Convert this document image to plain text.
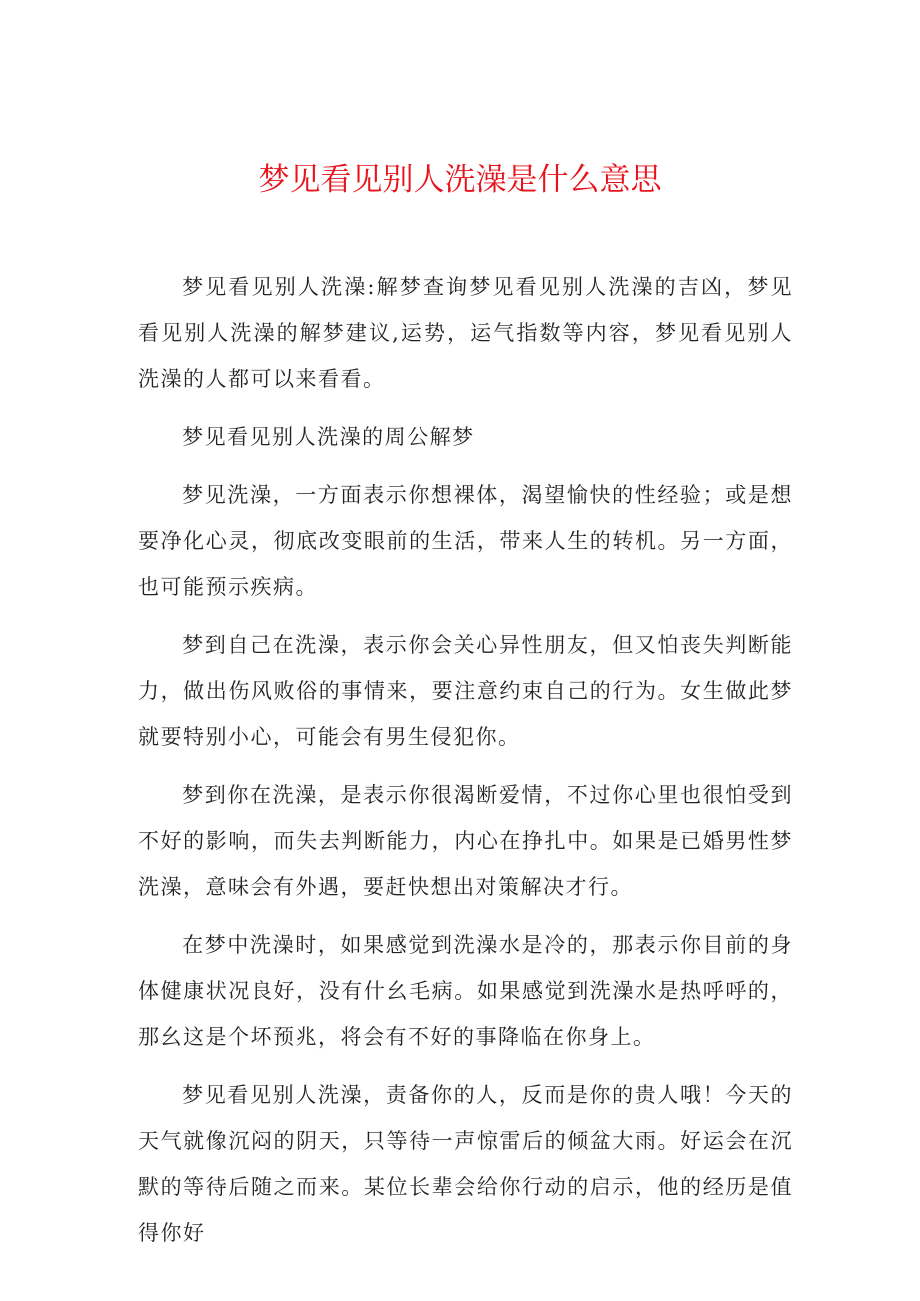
梦见看见别人洗澡是什么意思

梦见看见别人洗澡:解梦查询梦见看见别人洗澡的吉凶，梦见看见别人洗澡的解梦建议,运势，运气指数等内容，梦见看见别人洗澡的人都可以来看看。

梦见看见别人洗澡的周公解梦

梦见洗澡，一方面表示你想裸体，渴望愉快的性经验；或是想要净化心灵，彻底改变眼前的生活，带来人生的转机。另一方面，也可能预示疾病。

梦到自己在洗澡，表示你会关心异性朋友，但又怕丧失判断能力，做出伤风败俗的事情来，要注意约束自己的行为。女生做此梦就要特别小心，可能会有男生侵犯你。

梦到你在洗澡，是表示你很渴断爱情，不过你心里也很怕受到不好的影响，而失去判断能力，内心在挣扎中。如果是已婚男性梦洗澡，意味会有外遇，要赶快想出对策解决才行。

在梦中洗澡时，如果感觉到洗澡水是冷的，那表示你目前的身体健康状况良好，没有什幺毛病。如果感觉到洗澡水是热呼呼的，那幺这是个坏预兆，将会有不好的事降临在你身上。

梦见看见别人洗澡，责备你的人，反而是你的贵人哦！今天的天气就像沉闷的阴天，只等待一声惊雷后的倾盆大雨。好运会在沉默的等待后随之而来。某位长辈会给你行动的启示，他的经历是值得你好
